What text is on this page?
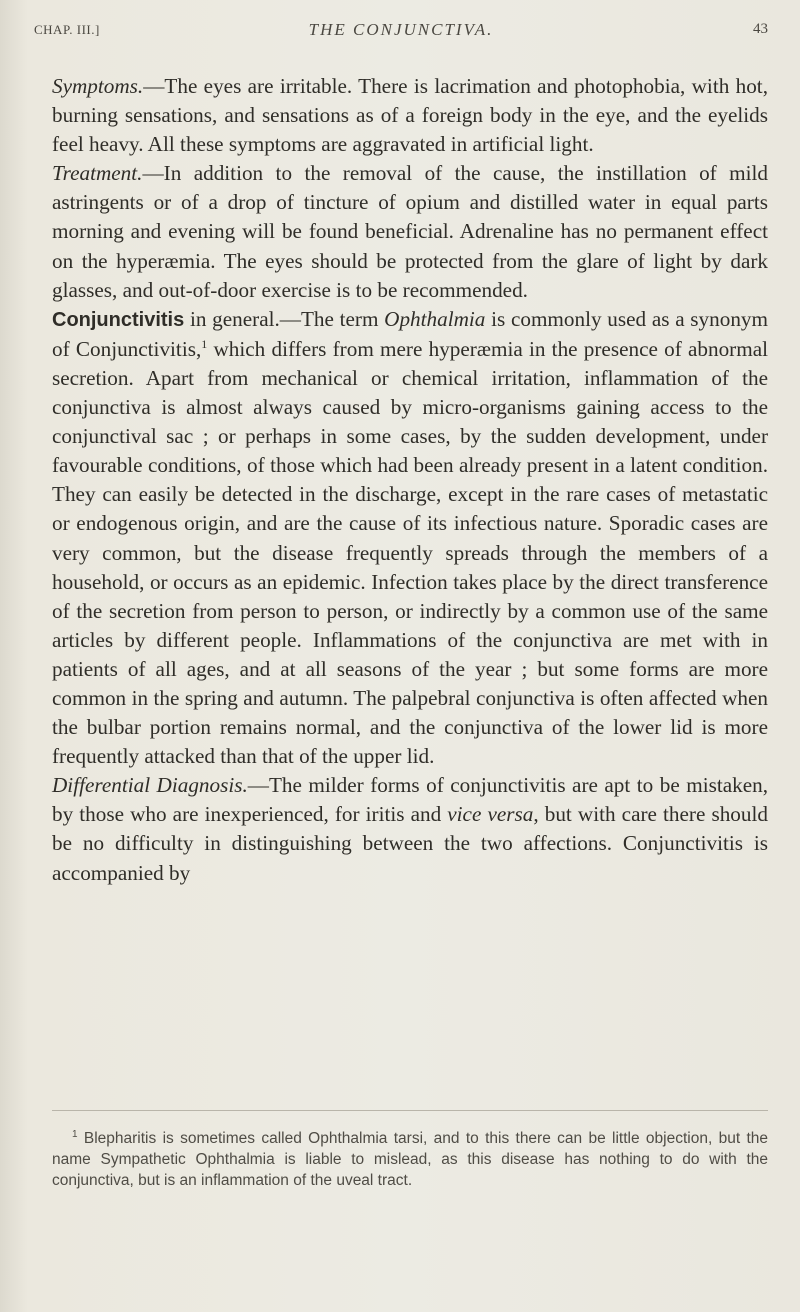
CHAP. III.]	THE CONJUNCTIVA.	43

Symptoms.—The eyes are irritable. There is lacrimation and photophobia, with hot, burning sensations, and sensations as of a foreign body in the eye, and the eyelids feel heavy. All these symptoms are aggravated in artificial light.

Treatment.—In addition to the removal of the cause, the instillation of mild astringents or of a drop of tincture of opium and distilled water in equal parts morning and evening will be found beneficial. Adrenaline has no permanent effect on the hyperæmia. The eyes should be protected from the glare of light by dark glasses, and out-of-door exercise is to be recommended.

Conjunctivitis in general.—The term Ophthalmia is commonly used as a synonym of Conjunctivitis,$^1$ which differs from mere hyperæmia in the presence of abnormal secretion. Apart from mechanical or chemical irritation, inflammation of the conjunctiva is almost always caused by micro-organisms gaining access to the conjunctival sac ; or perhaps in some cases, by the sudden development, under favourable conditions, of those which had been already present in a latent condition. They can easily be detected in the discharge, except in the rare cases of metastatic or endogenous origin, and are the cause of its infectious nature. Sporadic cases are very common, but the disease frequently spreads through the members of a household, or occurs as an epidemic. Infection takes place by the direct transference of the secretion from person to person, or indirectly by a common use of the same articles by different people. Inflammations of the conjunctiva are met with in patients of all ages, and at all seasons of the year ; but some forms are more common in the spring and autumn. The palpebral conjunctiva is often affected when the bulbar portion remains normal, and the conjunctiva of the lower lid is more frequently attacked than that of the upper lid.

Differential Diagnosis.—The milder forms of conjunctivitis are apt to be mistaken, by those who are inexperienced, for iritis and vice versa, but with care there should be no difficulty in distinguishing between the two affections. Conjunctivitis is accompanied by

$^1$ Blepharitis is sometimes called Ophthalmia tarsi, and to this there can be little objection, but the name Sympathetic Ophthalmia is liable to mislead, as this disease has nothing to do with the conjunctiva, but is an inflammation of the uveal tract.
